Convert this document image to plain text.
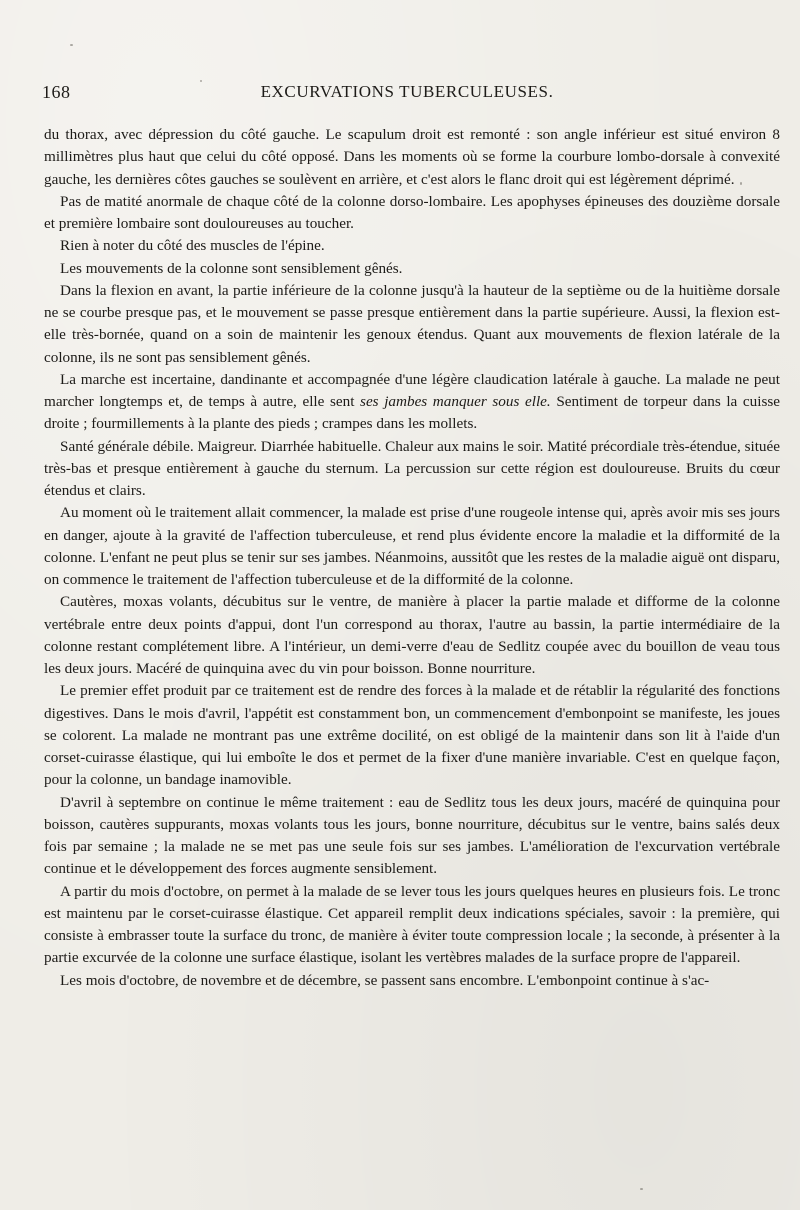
168	EXCURVATIONS TUBERCULEUSES.

du thorax, avec dépression du côté gauche. Le scapulum droit est remonté : son angle inférieur est situé environ 8 millimètres plus haut que celui du côté opposé. Dans les moments où se forme la courbure lombo-dorsale à convexité gauche, les dernières côtes gauches se soulèvent en arrière, et c'est alors le flanc droit qui est légèrement déprimé.

Pas de matité anormale de chaque côté de la colonne dorso-lombaire. Les apophyses épineuses des douzième dorsale et première lombaire sont douloureuses au toucher.

Rien à noter du côté des muscles de l'épine.

Les mouvements de la colonne sont sensiblement gênés.

Dans la flexion en avant, la partie inférieure de la colonne jusqu'à la hauteur de la septième ou de la huitième dorsale ne se courbe presque pas, et le mouvement se passe presque entièrement dans la partie supérieure. Aussi, la flexion est-elle très-bornée, quand on a soin de maintenir les genoux étendus. Quant aux mouvements de flexion latérale de la colonne, ils ne sont pas sensiblement gênés.

La marche est incertaine, dandinante et accompagnée d'une légère claudication latérale à gauche. La malade ne peut marcher longtemps et, de temps à autre, elle sent ses jambes manquer sous elle. Sentiment de torpeur dans la cuisse droite ; fourmillements à la plante des pieds ; crampes dans les mollets.

Santé générale débile. Maigreur. Diarrhée habituelle. Chaleur aux mains le soir. Matité précordiale très-étendue, située très-bas et presque entièrement à gauche du sternum. La percussion sur cette région est douloureuse. Bruits du cœur étendus et clairs.

Au moment où le traitement allait commencer, la malade est prise d'une rougeole intense qui, après avoir mis ses jours en danger, ajoute à la gravité de l'affection tuberculeuse, et rend plus évidente encore la maladie et la difformité de la colonne. L'enfant ne peut plus se tenir sur ses jambes. Néanmoins, aussitôt que les restes de la maladie aiguë ont disparu, on commence le traitement de l'affection tuberculeuse et de la difformité de la colonne.

Cautères, moxas volants, décubitus sur le ventre, de manière à placer la partie malade et difforme de la colonne vertébrale entre deux points d'appui, dont l'un correspond au thorax, l'autre au bassin, la partie intermédiaire de la colonne restant complétement libre. A l'intérieur, un demi-verre d'eau de Sedlitz coupée avec du bouillon de veau tous les deux jours. Macéré de quinquina avec du vin pour boisson. Bonne nourriture.

Le premier effet produit par ce traitement est de rendre des forces à la malade et de rétablir la régularité des fonctions digestives. Dans le mois d'avril, l'appétit est constamment bon, un commencement d'embonpoint se manifeste, les joues se colorent. La malade ne montrant pas une extrême docilité, on est obligé de la maintenir dans son lit à l'aide d'un corset-cuirasse élastique, qui lui emboîte le dos et permet de la fixer d'une manière invariable. C'est en quelque façon, pour la colonne, un bandage inamovible.

D'avril à septembre on continue le même traitement : eau de Sedlitz tous les deux jours, macéré de quinquina pour boisson, cautères suppurants, moxas volants tous les jours, bonne nourriture, décubitus sur le ventre, bains salés deux fois par semaine ; la malade ne se met pas une seule fois sur ses jambes. L'amélioration de l'excurvation vertébrale continue et le développement des forces augmente sensiblement.

A partir du mois d'octobre, on permet à la malade de se lever tous les jours quelques heures en plusieurs fois. Le tronc est maintenu par le corset-cuirasse élastique. Cet appareil remplit deux indications spéciales, savoir : la première, qui consiste à embrasser toute la surface du tronc, de manière à éviter toute compression locale ; la seconde, à présenter à la partie excurvée de la colonne une surface élastique, isolant les vertèbres malades de la surface propre de l'appareil.

Les mois d'octobre, de novembre et de décembre, se passent sans encombre. L'embonpoint continue à s'ac-
